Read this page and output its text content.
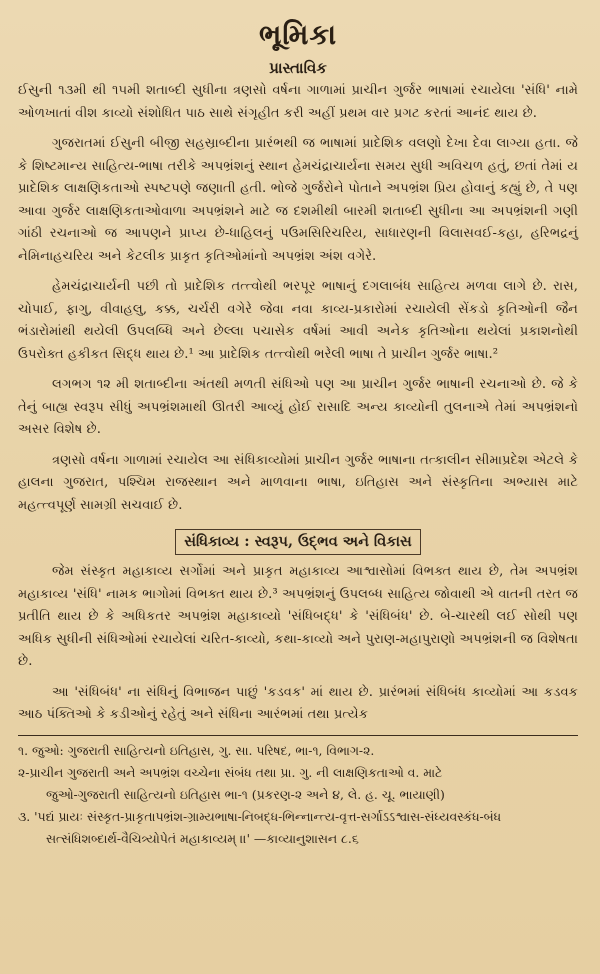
ભૂમિકા
પ્રાસ્તાવિક

ઈસુની ૧૩મી થી ૧૫મી શતાબ્દી સુધીના ત્રણસો વર્ષના ગાળામાં પ્રાચીન ગુર્જર ભાષામાં રચાયેલા 'સંધિ' નામે ઓળખાતાં વીશ કાવ્યો સંશોધિત પાઠ સાથે સંગૃહીત કરી અહીં પ્રથમ વાર પ્રગટ કરતાં આનંદ થાય છે.

ગુજરાતમાં ઈસુની બીજી સહસ્રાબ્દીના પ્રારંભથી જ ભાષામાં પ્રાદેશિક વલણો દેખા દેવા લાગ્યા હતા. જે કે શિષ્ટમાન્ય સાહિત્ય-ભાષા તરીકે અપભ્રંશનું સ્થાન હેમચંદ્રાચાર્યના સમય સુધી અવિચળ હતું, છતાં તેમાં ય પ્રાદેશિક લાક્ષણિકતાઓ સ્પષ્ટપણે જણાતી હતી. ભોજે ગુર્જરોને પોતાને અપભ્રંશ પ્રિય હોવાનું કહ્યું છે, તે પણ આવા ગુર્જર લાક્ષણિકતાઓવાળા અપભ્રંશને માટે જ દશમીથી બારમી શતાબ્દી સુધીના આ અપભ્રંશની ગણી ગાંઠી રચનાઓ જ આપણને પ્રાપ્ય છે-ધાહિલનું પઉમસિરિચરિય, સાધારણની વિલાસવઈ-કહા, હરિભદ્રનું નેમિનાહચરિય અને કેટલીક પ્રાકૃત કૃતિઓમાંનો અપભ્રંશ અંશ વગેરે.

હેમચંદ્રાચાર્યની પછી તો પ્રાદેશિક તત્ત્વોથી ભરપૂર ભાષાનું દગલાબંધ સાહિત્ય મળવા લાગે છે. રાસ, ચોપાઈ, ફાગુ, વીવાહલુ, કક્ક, ચર્ચરી વગેરે જેવા નવા કાવ્ય-પ્રકારોમાં રચાયેલી સેંકડો કૃતિઓની જૈન ભંડારોમાંથી થયેલી ઉપલબ્ધિ અને છેલ્લા પચાસેક વર્ષમાં આવી અનેક કૃતિઓના થયેલાં પ્રકાશનોથી ઉપરોક્ત હકીકત સિદ્ધ થાય છે.¹ આ પ્રાદેશિક તત્ત્વોથી ભરેલી ભાષા તે પ્રાચીન ગુર્જર ભાષા.²

લગભગ ૧૨ મી શતાબ્દીના અંતથી મળતી સંધિઓ પણ આ પ્રાચીન ગુર્જર ભાષાની રચનાઓ છે. જે કે તેનું બાહ્ય સ્વરૂપ સીધું અપભ્રંશમાથી ઊતરી આવ્યું હોઈ રાસાદિ અન્ય કાવ્યોની તુલનાએ તેમાં અપભ્રંશનો અસર વિશેષ છે.

ત્રણસો વર્ષના ગાળામાં રચાયેલ આ સંધિકાવ્યોમાં પ્રાચીન ગુર્જર ભાષાના તત્કાલીન સીમાપ્રદેશ એટલે કે હાલના ગુજરાત, પશ્ચિમ રાજસ્થાન અને માળવાના ભાષા, ઇતિહાસ અને સંસ્કૃતિના અભ્યાસ માટે મહત્ત્વપૂર્ણ સામગ્રી સચવાઈ છે.

સંધિકાવ્ય : સ્વરૂપ, ઉદ્ભવ અને વિકાસ

જેમ સંસ્કૃત મહાકાવ્ય સર્ગોમાં અને પ્રાકૃત મહાકાવ્ય આશ્વાસોમાં વિભક્ત થાય છે, તેમ અપભ્રંશ મહાકાવ્ય 'સંધિ' નામક ભાગોમાં વિભક્ત થાય છે.³ અપભ્રંશનું ઉપલબ્ધ સાહિત્ય જોવાથી એ વાતની તરત જ પ્રતીતિ થાય છે કે અધિકતર અપભ્રંશ મહાકાવ્યો 'સંધિબદ્ધ' કે 'સંધિબંધ' છે. બે-ચારથી લઈ સોથી પણ અધિક સુધીની સંધિઓમાં રચાયેલાં ચરિત-કાવ્યો, કથા-કાવ્યો અને પુરાણ-મહાપુરાણો અપભ્રંશની જ વિશેષતા છે.

આ 'સંધિબંધ' ના સંધિનું વિભાજન પાછું 'કડવક' માં થાય છે. પ્રારંભમાં સંધિબંધ કાવ્યોમાં આ કડવક આઠ પંક્તિઓ કે કડીઓનું રહેતું અને સંધિના આરંભમાં તથા પ્રત્યેક

૧. જુઓ: ગુજરાતી સાહિત્યનો ઇતિહાસ, ગુ. સા. પરિષદ, ભા-૧, વિભાગ-૨.
૨-પ્રાચીન ગુજરાતી અને અપભ્રંશ વચ્ચેના સંબંધ તથા પ્રા. ગુ. ની લાક્ષણિકતાઓ વ. માટે
જુઓ-ગુજરાતી સાહિત્યનો ઇતિહાસ ભા-૧ (પ્રકરણ-૨ અને ૪, લે. હ. ચૂ. ભાયાણી)
૩. 'પદ્યં પ્રાયઃ સંસ્કૃત-પ્રાકૃતાપભ્રંશ-ગ્રામ્યભાષા-નિબદ્ધ-ભિન્નાન્ત્ય-વૃત્ત-સર્ગાઽઽશ્વાસ-સંધ્યવસ્કંધ-બંધ
સત્સંધિશબ્દાર્થ-વૈચિત્ર્યોપેતં મહાકાવ્યમ્ ।।' —કાવ્યાનુશાસન ૮.૬
